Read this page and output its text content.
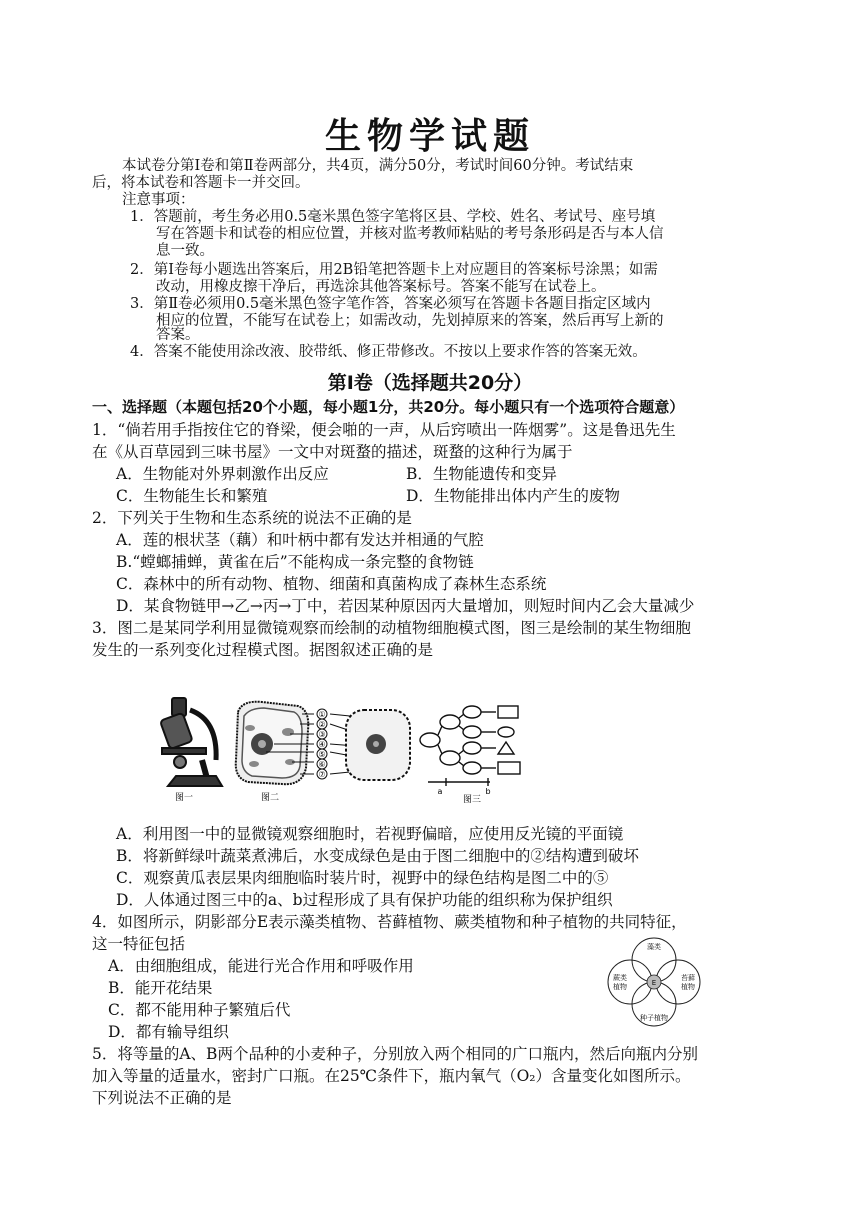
生物学试题
本试卷分第Ⅰ卷和第Ⅱ卷两部分，共4页，满分50分，考试时间60分钟。考试结束
后，将本试卷和答题卡一并交回。
注意事项：
1．答题前，考生务必用0.5毫米黑色签字笔将区县、学校、姓名、考试号、座号填
写在答题卡和试卷的相应位置，并核对监考教师粘贴的考号条形码是否与本人信
息一致。
2．第Ⅰ卷每小题选出答案后，用2B铅笔把答题卡上对应题目的答案标号涂黑；如需
改动，用橡皮擦干净后，再选涂其他答案标号。答案不能写在试卷上。
3．第Ⅱ卷必须用0.5毫米黑色签字笔作答，答案必须写在答题卡各题目指定区域内
相应的位置，不能写在试卷上；如需改动，先划掉原来的答案，然后再写上新的
答案。
4．答案不能使用涂改液、胶带纸、修正带修改。不按以上要求作答的答案无效。
第Ⅰ卷（选择题共20分）
一、选择题（本题包括20个小题，每小题1分，共20分。每小题只有一个选项符合题意）
1．“倘若用手指按住它的脊梁，便会啪的一声，从后窍喷出一阵烟雾”。这是鲁迅先生
在《从百草园到三味书屋》一文中对斑蝥的描述，斑蝥的这种行为属于
A．生物能对外界刺激作出反应	B．生物能遗传和变异
C．生物能生长和繁殖	D．生物能排出体内产生的废物
2．下列关于生物和生态系统的说法不正确的是
A．莲的根状茎（藕）和叶柄中都有发达并相通的气腔
B.“螳螂捕蝉，黄雀在后”不能构成一条完整的食物链
C．森林中的所有动物、植物、细菌和真菌构成了森林生态系统
D．某食物链甲→乙→丙→丁中，若因某种原因丙大量增加，则短时间内乙会大量减少
3．图二是某同学利用显微镜观察而绘制的动植物细胞模式图，图三是绘制的某生物细胞
发生的一系列变化过程模式图。据图叙述正确的是
图一
①
②
③
④
⑤
⑥
⑦
图二
a	b
图三
A．利用图一中的显微镜观察细胞时，若视野偏暗，应使用反光镜的平面镜
B．将新鲜绿叶蔬菜煮沸后，水变成绿色是由于图二细胞中的②结构遭到破坏
C．观察黄瓜表层果肉细胞临时装片时，视野中的绿色结构是图二中的⑤
D．人体通过图三中的a、b过程形成了具有保护功能的组织称为保护组织
4．如图所示，阴影部分E表示藻类植物、苔藓植物、蕨类植物和种子植物的共同特征，
这一特征包括
A．由细胞组成，能进行光合作用和呼吸作用
B．能开花结果
C．都不能用种子繁殖后代
D．都有输导组织
藻类
蕨类
植物
苔藓
植物
种子植物
E
5．将等量的A、B两个品种的小麦种子，分别放入两个相同的广口瓶内，然后向瓶内分别
加入等量的适量水，密封广口瓶。在25℃条件下，瓶内氧气（O₂）含量变化如图所示。
下列说法不正确的是
